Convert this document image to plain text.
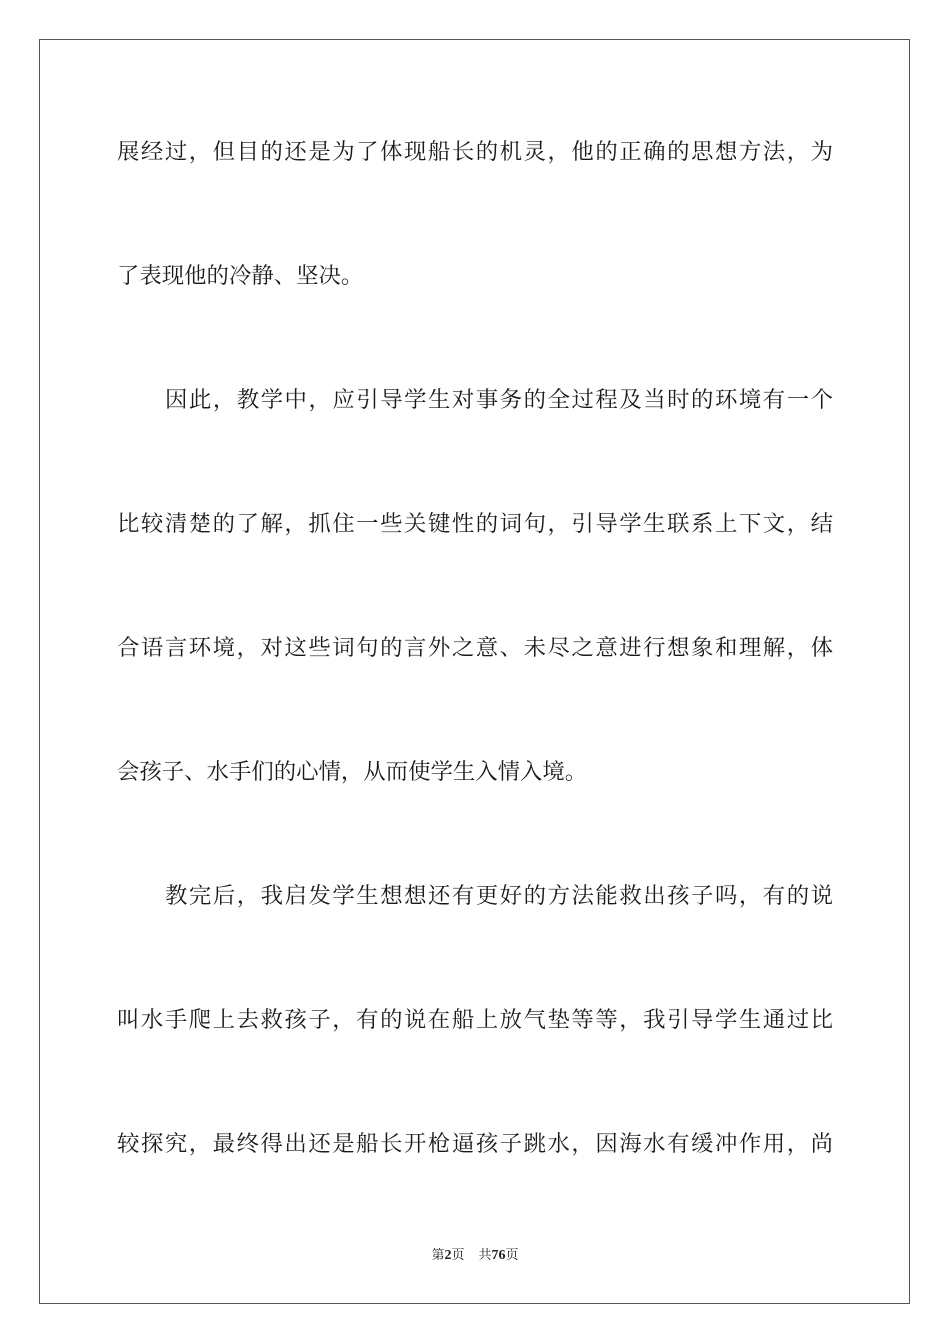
展经过，但目的还是为了体现船长的机灵，他的正确的思想方法，为
了表现他的冷静、坚决。
因此，教学中，应引导学生对事务的全过程及当时的环境有一个
比较清楚的了解，抓住一些关键性的词句，引导学生联系上下文，结
合语言环境，对这些词句的言外之意、未尽之意进行想象和理解，体
会孩子、水手们的心情，从而使学生入情入境。
教完后，我启发学生想想还有更好的方法能救出孩子吗，有的说
叫水手爬上去救孩子，有的说在船上放气垫等等，我引导学生通过比
较探究，最终得出还是船长开枪逼孩子跳水，因海水有缓冲作用，尚
第2页 共76页
